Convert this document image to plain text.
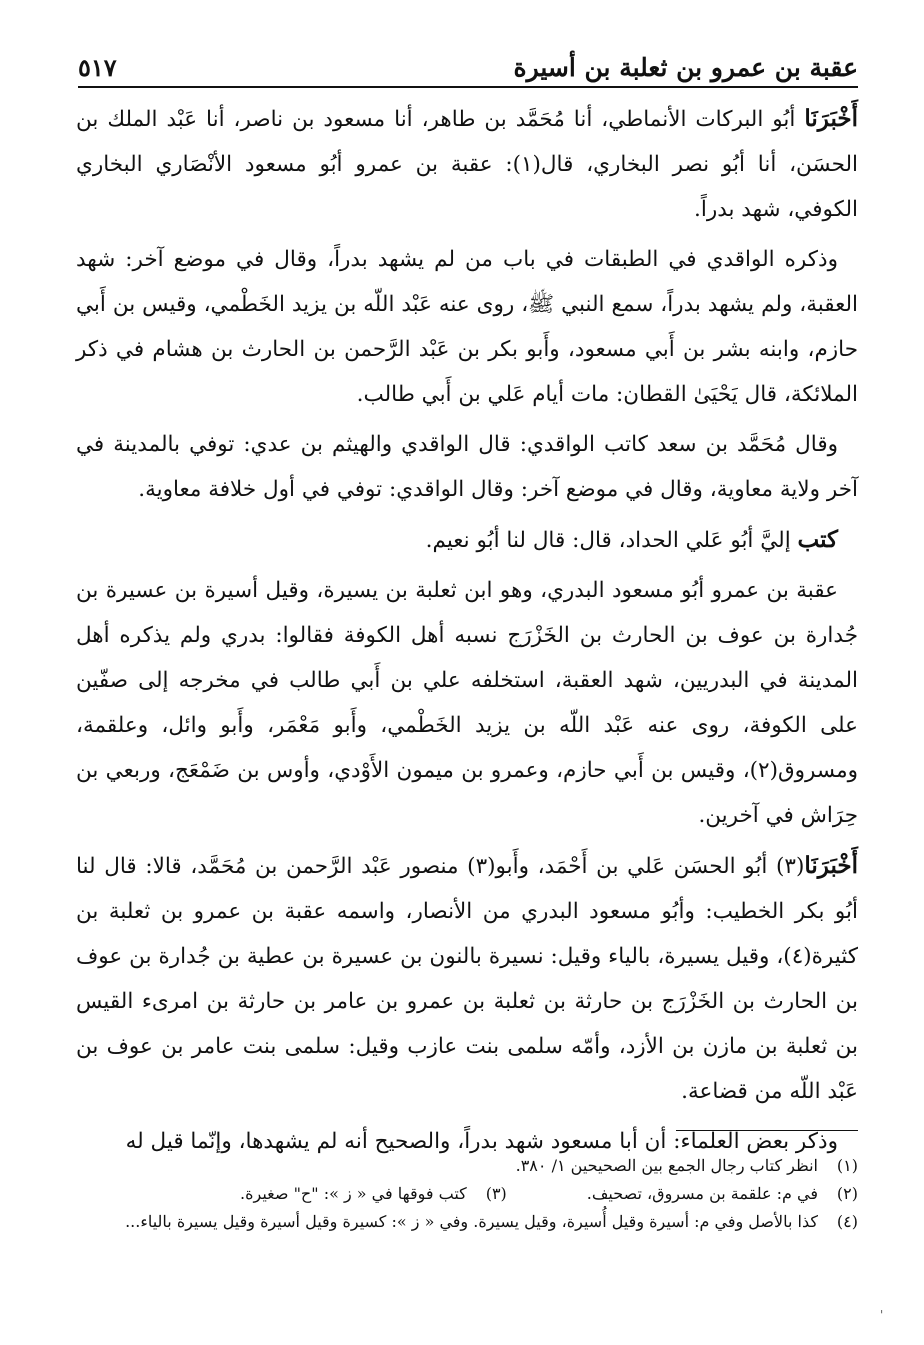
عقبة بن عمرو بن ثعلبة بن أسيرة
٥١٧

أَخْبَرَنَا أبُو البركات الأنماطي، أنا مُحَمَّد بن طاهر، أنا مسعود بن ناصر، أنا عَبْد الملك بن الحسَن، أنا أبُو نصر البخاري، قال(١): عقبة بن عمرو أبُو مسعود الأنْصَاري البخاري الكوفي، شهد بدراً.

وذكره الواقدي في الطبقات في باب من لم يشهد بدراً، وقال في موضع آخر: شهد العقبة، ولم يشهد بدراً، سمع النبي ﷺ، روى عنه عَبْد اللّه بن يزيد الخَطْمي، وقيس بن أَبي حازم، وابنه بشر بن أَبي مسعود، وأَبو بكر بن عَبْد الرَّحمن بن الحارث بن هشام في ذكر الملائكة، قال يَحْيَىٰ القطان: مات أيام عَلي بن أَبي طالب.

وقال مُحَمَّد بن سعد كاتب الواقدي: قال الواقدي والهيثم بن عدي: توفي بالمدينة في آخر ولاية معاوية، وقال في موضع آخر: وقال الواقدي: توفي في أول خلافة معاوية.

كتب إليَّ أبُو عَلي الحداد، قال: قال لنا أبُو نعيم.

عقبة بن عمرو أبُو مسعود البدري، وهو ابن ثعلبة بن يسيرة، وقيل أسيرة بن عسيرة بن جُدارة بن عوف بن الحارث بن الخَزْرَج نسبه أهل الكوفة فقالوا: بدري ولم يذكره أهل المدينة في البدريين، شهد العقبة، استخلفه علي بن أَبي طالب في مخرجه إلى صفّين على الكوفة، روى عنه عَبْد اللّه بن يزيد الخَطْمي، وأَبو مَعْمَر، وأَبو وائل، وعلقمة، ومسروق(٢)، وقيس بن أَبي حازم، وعمرو بن ميمون الأَوْدي، وأوس بن ضَمْعَج، وربعي بن حِرَاش في آخرين.

أَخْبَرَنَا(٣) أبُو الحسَن عَلي بن أَحْمَد، وأَبو(٣) منصور عَبْد الرَّحمن بن مُحَمَّد، قالا: قال لنا أبُو بكر الخطيب: وأبُو مسعود البدري من الأنصار، واسمه عقبة بن عمرو بن ثعلبة بن كثيرة(٤)، وقيل يسيرة، بالياء وقيل: نسيرة بالنون بن عسيرة بن عطية بن جُدارة بن عوف بن الحارث بن الخَزْرَج بن حارثة بن ثعلبة بن عمرو بن عامر بن حارثة بن امرىء القيس بن ثعلبة بن مازن بن الأزد، وأمّه سلمى بنت عازب وقيل: سلمى بنت عامر بن عوف بن عَبْد اللّه من قضاعة.

وذكر بعض العلماء: أن أبا مسعود شهد بدراً، والصحيح أنه لم يشهدها، وإنّما قيل له

(١)
انظر كتاب رجال الجمع بين الصحيحين ١/ ٣٨٠.
(٢)
في م: علقمة بن مسروق، تصحيف.
(٣)
كتب فوقها في « ز »: "ح" صغيرة.
(٤)
كذا بالأصل وفي م: أسيرة وقيل أُسيرة، وقيل يسيرة. وفي « ز »: كسيرة وقيل أسيرة وقيل يسيرة بالياء...
'
